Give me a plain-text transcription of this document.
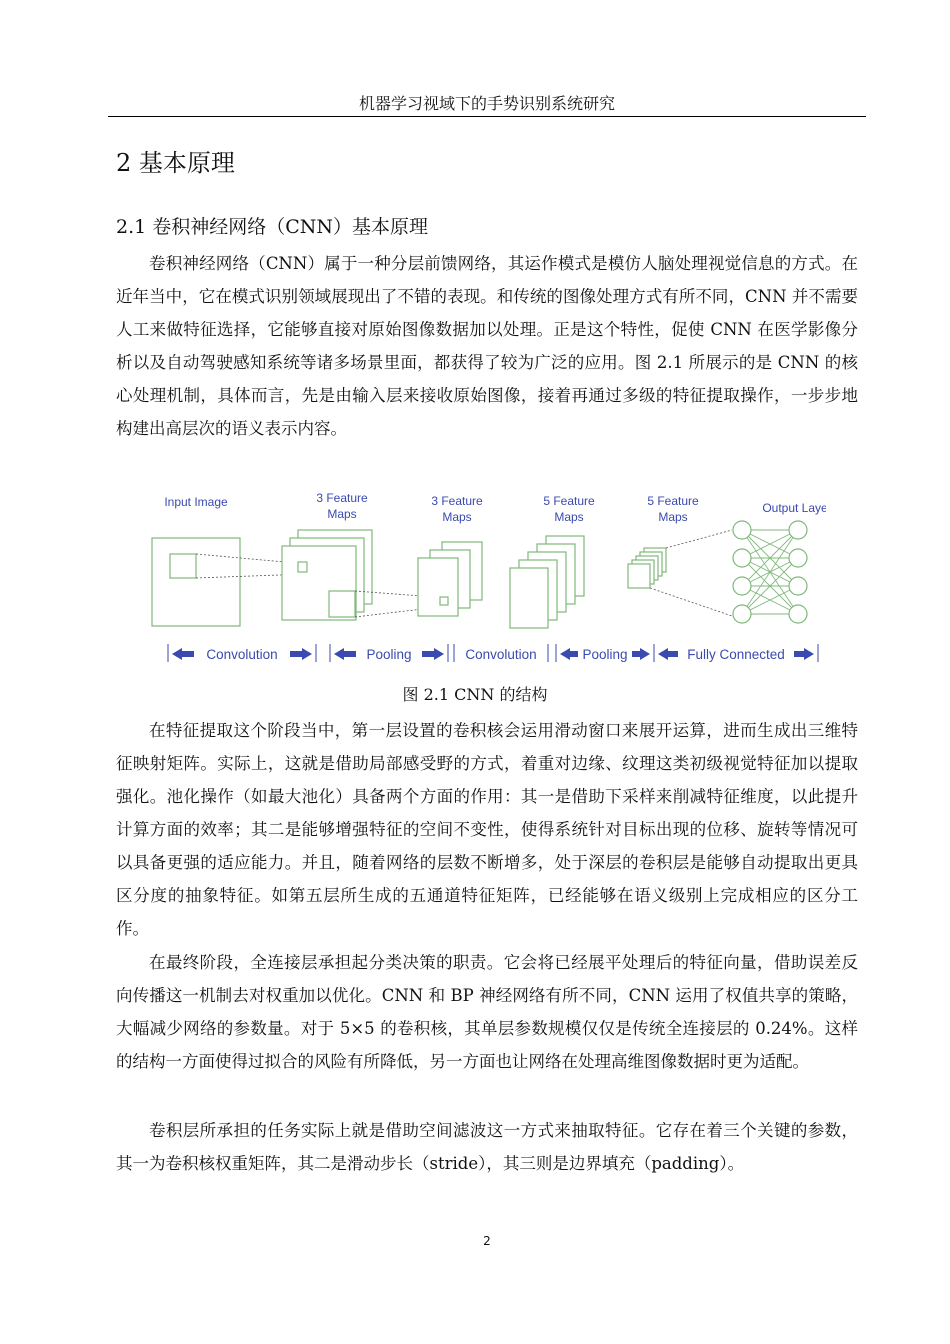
机器学习视域下的手势识别系统研究
2 基本原理
2.1 卷积神经网络（CNN）基本原理

卷积神经网络（CNN）属于一种分层前馈网络，其运作模式是模仿人脑处理视觉信息的方式。在近年当中，它在模式识别领域展现出了不错的表现。和传统的图像处理方式有所不同，CNN 并不需要人工来做特征选择，它能够直接对原始图像数据加以处理。正是这个特性，促使 CNN 在医学影像分析以及自动驾驶感知系统等诸多场景里面，都获得了较为广泛的应用。图 2.1 所展示的是 CNN 的核心处理机制，具体而言，先是由输入层来接收原始图像，接着再通过多级的特征提取操作，一步步地构建出高层次的语义表示内容。

Input Image	3 Feature
Maps
3 Feature
Maps
5 Feature
Maps
5 Feature
Maps
Output Layer
Convolution	Pooling	Convolution	Pooling	Fully Connected
图 2.1 CNN 的结构

在特征提取这个阶段当中，第一层设置的卷积核会运用滑动窗口来展开运算，进而生成出三维特征映射矩阵。实际上，这就是借助局部感受野的方式，着重对边缘、纹理这类初级视觉特征加以提取强化。池化操作（如最大池化）具备两个方面的作用：其一是借助下采样来削减特征维度，以此提升计算方面的效率；其二是能够增强特征的空间不变性，使得系统针对目标出现的位移、旋转等情况可以具备更强的适应能力。并且，随着网络的层数不断增多，处于深层的卷积层是能够自动提取出更具区分度的抽象特征。如第五层所生成的五通道特征矩阵，已经能够在语义级别上完成相应的区分工作。

在最终阶段，全连接层承担起分类决策的职责。它会将已经展平处理后的特征向量，借助误差反向传播这一机制去对权重加以优化。CNN 和 BP 神经网络有所不同，CNN 运用了权值共享的策略，大幅减少网络的参数量。对于 5×5 的卷积核，其单层参数规模仅仅是传统全连接层的 0.24%。这样的结构一方面使得过拟合的风险有所降低，另一方面也让网络在处理高维图像数据时更为适配。

卷积层所承担的任务实际上就是借助空间滤波这一方式来抽取特征。它存在着三个关键的参数，其一为卷积核权重矩阵，其二是滑动步长（stride），其三则是边界填充（padding）。

2
